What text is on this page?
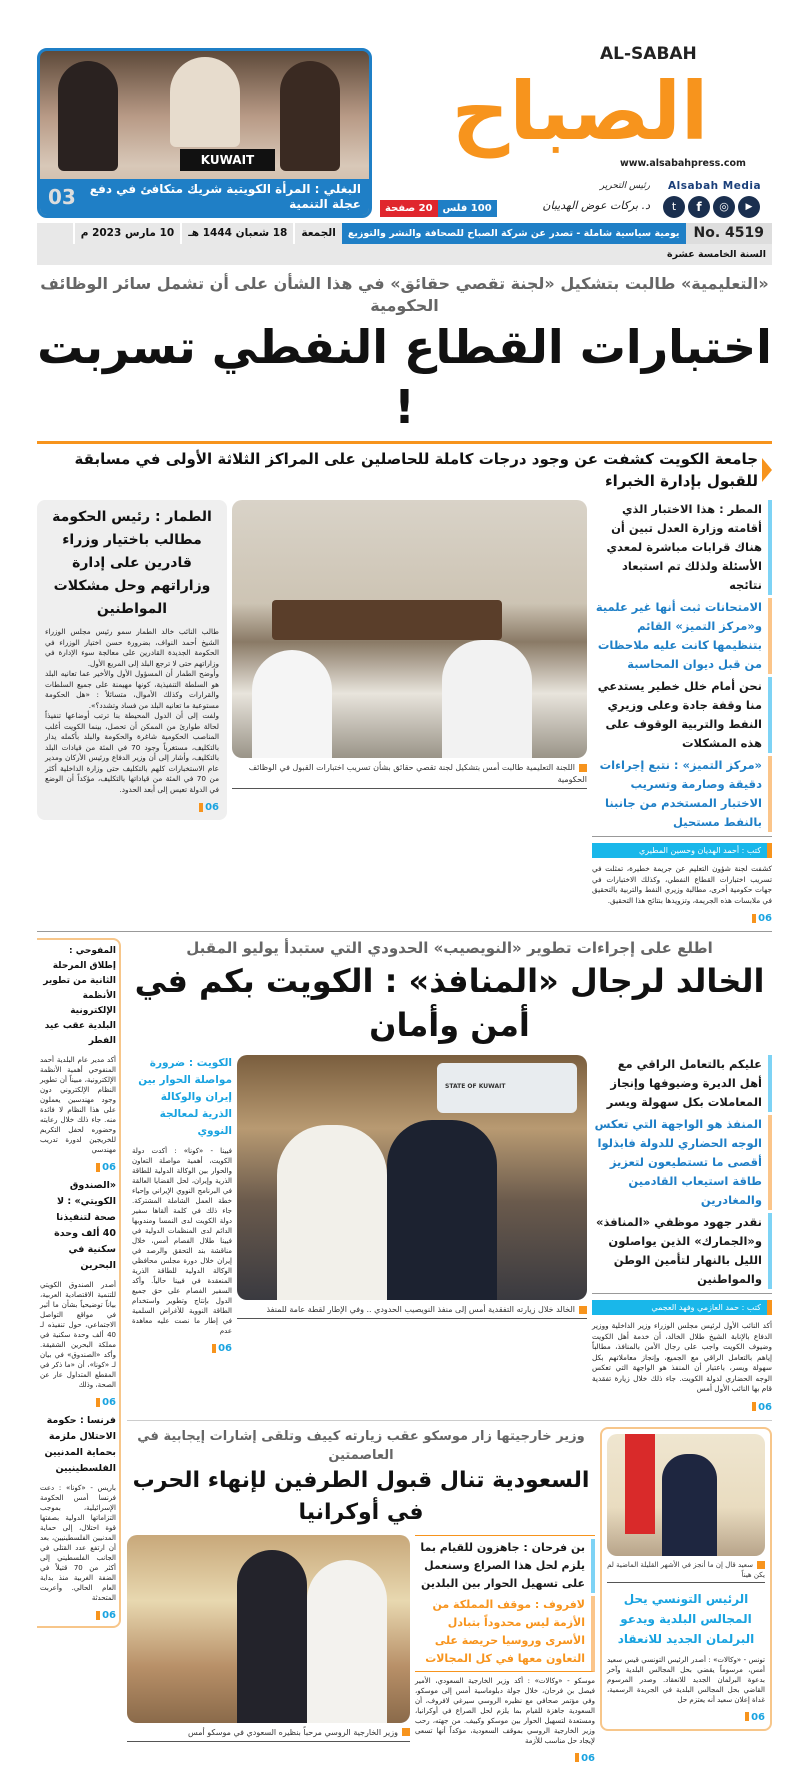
KUWAIT
البغلي : المرأة الكويتية شريك متكافئ في دفع عجلة التنمية
03
AL-SABAH
الصباح
www.alsabahpress.com
Alsabah Media
t	f	◎	▶
رئيس التحرير
د. بركات عوض الهديبان
100 فلس
20 صفحة
No. 4519
يومية سياسية شاملة - تصدر عن شركة الصباح للصحافة والنشر والتوزيع
الجمعة
18 شعبان 1444 هـ
10 مارس 2023 م
السنة الخامسة عشرة
«التعليمية» طالبت بتشكيل «لجنة تقصي حقائق» في هذا الشأن على أن تشمل سائر الوظائف الحكومية
اختبارات القطاع النفطي تسربت !
جامعة الكويت كشفت عن وجود درجات كاملة للحاصلين على المراكز الثلاثة الأولى في مسابقة للقبول بإدارة الخبراء
المطر : هذا الاختبار الذي أقامته وزارة العدل تبين أن هناك قرابات مباشرة لمعدي الأسئلة ولذلك تم استبعاد نتائجه
الامتحانات ثبت أنها غير علمية و«مركز التميز» القائم بتنظيمها كانت عليه ملاحظات من قبل ديوان المحاسبة
نحن أمام خلل خطير يستدعي منا وقفة جادة وعلى وزيري النفط والتربية الوقوف على هذه المشكلات
«مركز التميز» : نتبع إجراءات دقيقة وصارمة وتسريب الاختبار المستخدم من جانبنا بالنفط مستحيل
كتب : أحمد الهديان وحسين المطيري

كشفت لجنة شؤون التعليم عن جريمة خطيرة، تمثلت في تسريب اختبارات القطاع النفطي، وكذلك الاختبارات في جهات حكومية أخرى، مطالبة وزيري النفط والتربية بالتحقيق في ملابسات هذه الجريمة، وتزويدها بنتائج هذا التحقيق.

06
اللجنة التعليمية طالبت أمس بتشكيل لجنة تقصي حقائق بشأن تسريب اختبارات القبول في الوظائف الحكومية
الطمار : رئيس الحكومة مطالب باختيار وزراء قادرين على إدارة وزاراتهم وحل مشكلات المواطنين

طالب النائب خالد الطمار سمو رئيس مجلس الوزراء الشيخ أحمد النواف، بضرورة حسن اختيار الوزراء في الحكومة الجديدة القادرين على معالجة سوء الإدارة في وزاراتهم حتى لا ترجع البلد إلى المربع الأول.

وأوضح الطمار أن المسؤول الأول والأخير عما تعانيه البلد هو السلطة التنفيذية، كونها مهيمنة على جميع السلطات والقرارات وكذلك الأموال، متسائلاً : «هل الحكومة مستوعبة ما تعانيه البلد من فساد وتشدد؟».

ولفت إلى أن الدول المحيطة بنا ترتب أوضاعها تنفيذاً لحالة طوارئ من الممكن أن تحصل، بينما الكويت أغلب المناصب الحكومية شاغرة والحكومة والبلد بأكمله يدار بالتكليف، مستغرباً وجود 70 في المئة من قيادات البلد بالتكليف، وأشار إلى أن وزير الدفاع ورئيس الأركان ومدير عام الاستخبارات كلهم بالتكليف حتى وزارة الداخلية أكثر من 70 في المئة من قياداتها بالتكليف، مؤكداً أن الوضع في الدولة تعيس إلى أبعد الحدود.

06
اطلع على إجراءات تطوير «النويصيب» الحدودي التي ستبدأ يوليو المقبل
الخالد لرجال «المنافذ» : الكويت بكم في أمن وأمان
عليكم بالتعامل الراقي مع أهل الديرة وضيوفها وإنجاز المعاملات بكل سهولة ويسر
المنفذ هو الواجهة التي تعكس الوجه الحضاري للدولة فابذلوا أقصى ما تستطيعون لتعزيز طاقة استيعاب القادمين والمغادرين
نقدر جهود موظفي «المنافذ» و«الجمارك» الذين يواصلون الليل بالنهار لتأمين الوطن والمواطنين
كتب : حمد العازمي وفهد العجمي

أكد النائب الأول لرئيس مجلس الوزراء وزير الداخلية ووزير الدفاع بالإنابة الشيخ طلال الخالد، أن خدمة أهل الكويت وضيوف الكويت واجب على رجال الأمن بالمنافذ، مطالباً إياهم بالتعامل الراقي مع الجميع، وإنجاز معاملاتهم بكل سهولة ويسر، باعتبار أن المنفذ هو الواجهة التي تعكس الوجه الحضاري لدولة الكويت. جاء ذلك خلال زيارة تفقدية قام بها النائب الأول أمس

06
STATE OF KUWAIT
الخالد خلال زيارته التفقدية أمس إلى منفذ النويصيب الحدودي .. وفي الإطار لقطة عامة للمنفذ
الكويت : ضرورة مواصلة الحوار بين إيران والوكالة الذرية لمعالجة النووي

فيينا - «كونا» : أكدت دولة الكويت، أهمية مواصلة التعاون والحوار بين الوكالة الدولية للطاقة الذرية وإيران، لحل القضايا العالقة في البرنامج النووي الإيراني وإحياء خطة العمل الشاملة المشتركة. جاء ذلك في كلمة ألقاها سفير دولة الكويت لدى النمسا ومندوبها الدائم لدى المنظمات الدولية في فيينا طلال الفصام أمس، خلال مناقشة بند التحقق والرصد في إيران خلال دورة مجلس محافظي الوكالة الدولية للطاقة الذرية المنعقدة في فيينا حالياً. وأكد السفير الفصام على حق جميع الدول بإنتاج وتطوير واستخدام الطاقة النووية للأغراض السلمية في إطار ما نصت عليه معاهدة عدم

06
سعيد قال إن ما أنجز في الأشهر القليلة الماضية لم يكن هيناً
الرئيس التونسي يحل المجالس البلدية ويدعو البرلمان الجديد للانعقاد

تونس - «وكالات» : أصدر الرئيس التونسي قيس سعيد أمس، مرسوماً يقضي بحل المجالس البلدية وآخر بدعوة البرلمان الجديد للانعقاد. وصدر المرسوم القاضي بحل المجالس البلدية في الجريدة الرسمية، غداة إعلان سعيد أنه يعتزم حل

06
وزير خارجيتها زار موسكو عقب زيارته كييف وتلقى إشارات إيجابية في العاصمتين
السعودية تنال قبول الطرفين لإنهاء الحرب في أوكرانيا
بن فرحان : جاهزون للقيام بما يلزم لحل هذا الصراع وسنعمل على تسهيل الحوار بين البلدين
لافروف : موقف المملكة من الأزمة ليس محدوداً بتبادل الأسرى وروسيا حريصة على التعاون معها في كل المجالات

موسكو - «وكالات» : أكد وزير الخارجية السعودي، الأمير فيصل بن فرحان، خلال جولة دبلوماسية أمس إلى موسكو، وفي مؤتمر صحافي مع نظيره الروسي سيرغي لافروف، أن السعودية جاهزة للقيام بما يلزم لحل الصراع في أوكرانيا، ومستعدة لتسهيل الحوار بين موسكو وكييف. من جهته، رحب وزير الخارجية الروسي بموقف السعودية، مؤكداً أنها تسعى لإيجاد حل مناسب للأزمة

06
وزير الخارجية الروسي مرحباً بنظيره السعودي في موسكو أمس
المفوحي : إطلاق المرحلة الثانية من تطوير الأنظمة الإلكترونية البلدية عقب عيد الفطر

أكد مدير عام البلدية أحمد المنفوحي أهمية الأنظمة الإلكترونية، مبيناً أن تطوير النظام الإلكتروني دون وجود مهندسين يعملون على هذا النظام لا فائدة منه. جاء ذلك خلال رعايته وحضوره لحفل التكريم للخريجين لدورة تدريب مهندسي

06
«الصندوق الكويتي» : لا صحة لتنفيذنا 40 ألف وحدة سكنية في البحرين

أصدر الصندوق الكويتي للتنمية الاقتصادية العربية، بياناً توضيحياً بشأن ما أثير في مواقع التواصل الاجتماعي، حول تنفيذه لـ 40 ألف وحدة سكنية في مملكة البحرين الشقيقة. وأكد «الصندوق» في بيان لـ «كونا»، أن «ما ذكر في المقطع المتداول عار عن الصحة، وذلك

06
فرنسا : حكومة الاحتلال ملزمة بحماية المدنيين الفلسطينيين

باريس - «كونا» : دعت فرنسا أمس الحكومة الإسرائيلية، بموجب التزاماتها الدولية بصفتها قوة احتلال، إلى حماية المدنيين الفلسطينيين، بعد أن ارتفع عدد القتلى في الجانب الفلسطيني إلى أكثر من 70 قتيلاً في الضفة الغربية منذ بداية العام الحالي. وأعربت المتحدثة

06
